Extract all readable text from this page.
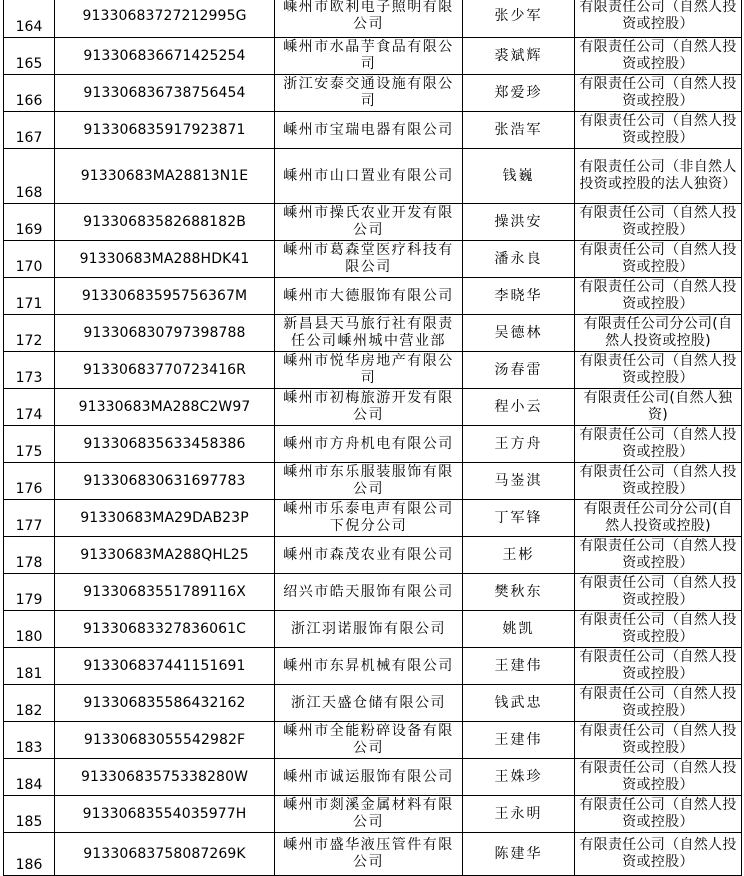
164	91330683727212995G	嵊州市欧利电子照明有限公司	张少军	有限责任公司（自然人投资或控股）
165	913306836671425254	嵊州市水晶芋食品有限公司	裘斌辉	有限责任公司（自然人投资或控股）
166	913306836738756454	浙江安泰交通设施有限公司	郑爱珍	有限责任公司（自然人投资或控股）
167	913306835917923871	嵊州市宝瑞电器有限公司	张浩军	有限责任公司（自然人投资或控股）
168	91330683MA28813N1E	嵊州市山口置业有限公司	钱巍	有限责任公司（非自然人投资或控股的法人独资）
169	91330683582688182B	嵊州市操氏农业开发有限公司	操洪安	有限责任公司（自然人投资或控股）
170	91330683MA288HDK41	嵊州市葛森堂医疗科技有限公司	潘永良	有限责任公司（自然人投资或控股）
171	91330683595756367M	嵊州市大德服饰有限公司	李晓华	有限责任公司（自然人投资或控股）
172	913306830797398788	新昌县天马旅行社有限责任公司嵊州城中营业部	吴德林	有限责任公司分公司(自然人投资或控股)
173	91330683770723416R	嵊州市悦华房地产有限公司	汤春雷	有限责任公司（自然人投资或控股）
174	91330683MA288C2W97	嵊州市初梅旅游开发有限公司	程小云	有限责任公司(自然人独资)
175	913306835633458386	嵊州市方舟机电有限公司	王方舟	有限责任公司（自然人投资或控股）
176	913306830631697783	嵊州市东乐服装服饰有限公司	马崟淇	有限责任公司（自然人投资或控股）
177	91330683MA29DAB23P	嵊州市乐泰电声有限公司下倪分公司	丁军锋	有限责任公司分公司(自然人投资或控股)
178	91330683MA288QHL25	嵊州市森茂农业有限公司	王彬	有限责任公司（自然人投资或控股）
179	91330683551789116X	绍兴市皓天服饰有限公司	樊秋东	有限责任公司（自然人投资或控股）
180	91330683327836061C	浙江羽诺服饰有限公司	姚凯	有限责任公司（自然人投资或控股）
181	913306837441151691	嵊州市东昇机械有限公司	王建伟	有限责任公司（自然人投资或控股）
182	913306835586432162	浙江天盛仓储有限公司	钱武忠	有限责任公司（自然人投资或控股）
183	91330683055542982F	嵊州市全能粉碎设备有限公司	王建伟	有限责任公司（自然人投资或控股）
184	91330683575338280W	嵊州市诚运服饰有限公司	王姝珍	有限责任公司（自然人投资或控股）
185	91330683554035977H	嵊州市剡溪金属材料有限公司	王永明	有限责任公司（自然人投资或控股）
186	91330683758087269K	嵊州市盛华液压管件有限公司	陈建华	有限责任公司（自然人投资或控股）
